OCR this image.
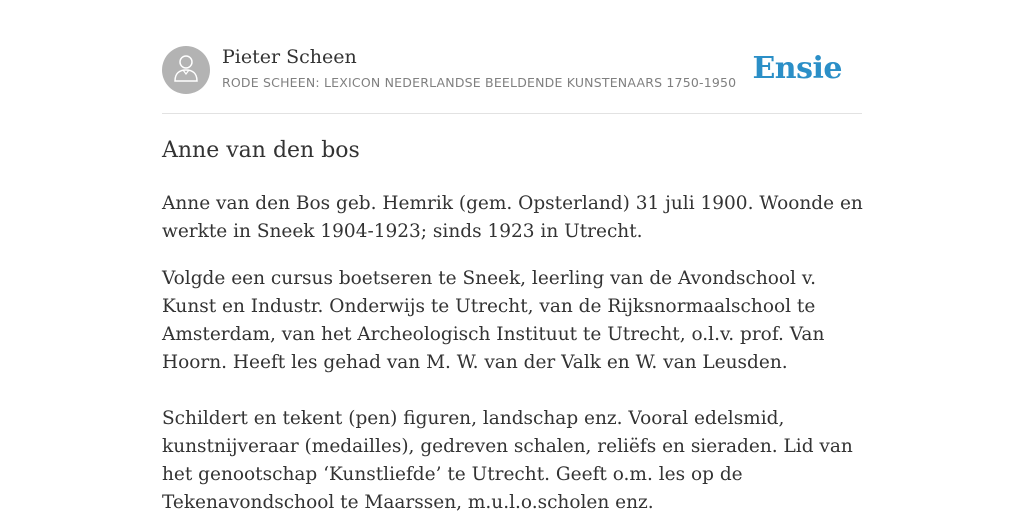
Pieter Scheen
RODE SCHEEN: LEXICON NEDERLANDSE BEELDENDE KUNSTENAARS 1750-1950 Ensie
Anne van den bos

Anne van den Bos geb. Hemrik (gem. Opsterland) 31 juli 1900. Woonde en werkte in Sneek 1904-1923; sinds 1923 in Utrecht.

Volgde een cursus boetseren te Sneek, leerling van de Avondschool v. Kunst en Industr. Onderwijs te Utrecht, van de Rijksnormaalschool te Amsterdam, van het Archeologisch Instituut te Utrecht, o.l.v. prof. Van Hoorn. Heeft les gehad van M. W. van der Valk en W. van Leusden.

Schildert en tekent (pen) figuren, landschap enz. Vooral edelsmid, kunstnijveraar (medailles), gedreven schalen, reliëfs en sieraden. Lid van het genootschap ‘Kunstliefde’ te Utrecht. Geeft o.m. les op de Tekenavondschool te Maarssen, m.u.l.o.scholen enz.
